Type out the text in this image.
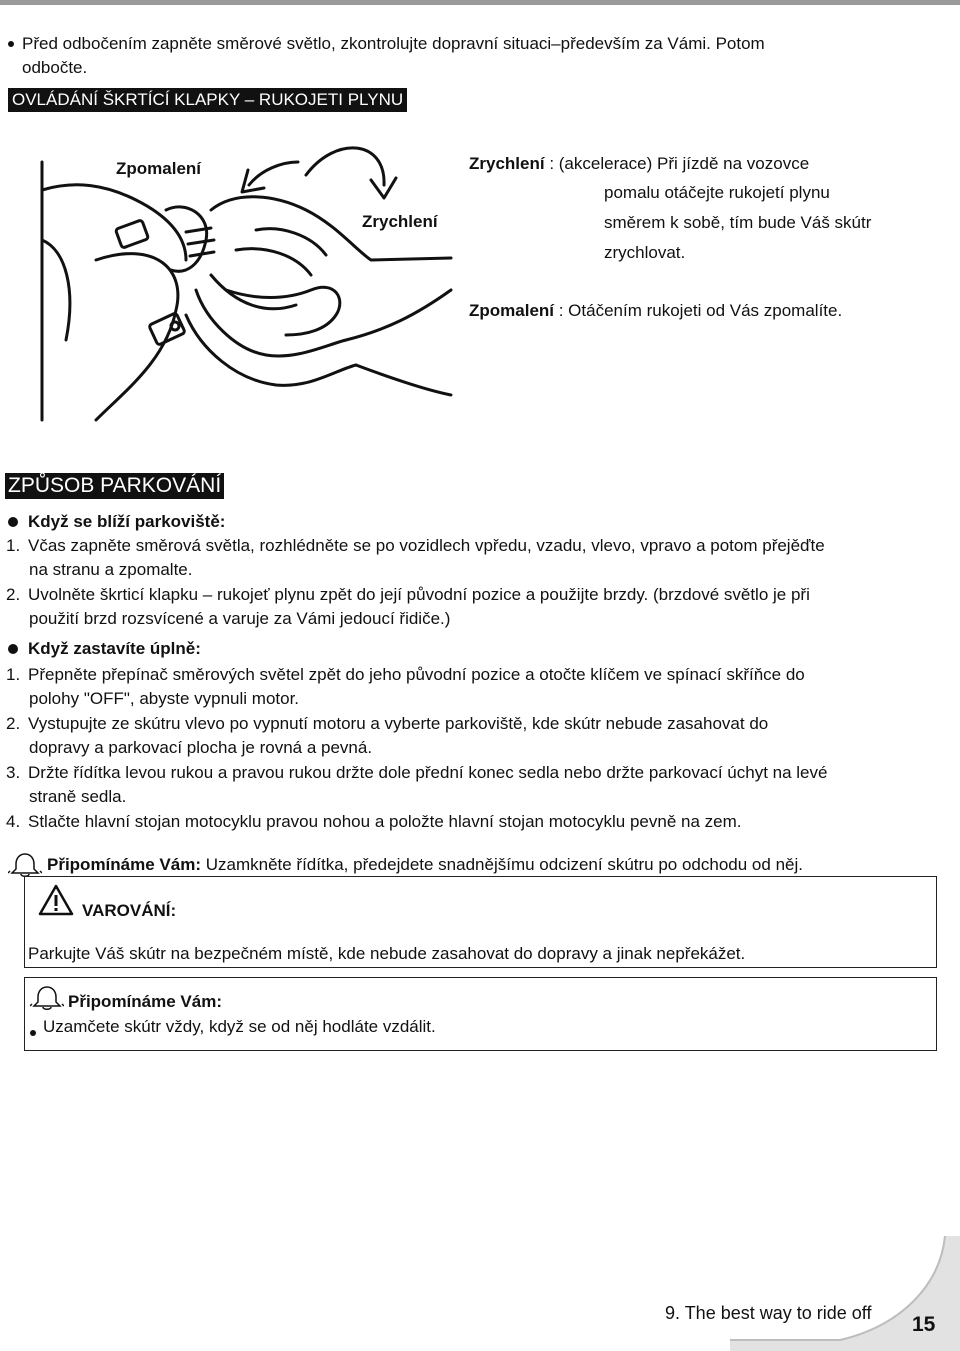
Před odbočením zapněte směrové světlo, zkontrolujte dopravní situaci–především za Vámi. Potom
odbočte.
OVLÁDÁNÍ ŠKRTÍCÍ KLAPKY – RUKOJETI PLYNU
Zpomalení
Zrychlení
Zrychlení : (akcelerace) Při jízdě na vozovce
pomalu otáčejte rukojetí plynu
směrem k sobě, tím bude Váš skútr
zrychlovat.
Zpomalení : Otáčením rukojeti od Vás zpomalíte.
ZPŮSOB PARKOVÁNÍ
Když se blíží parkoviště:
1. Včas zapněte směrová světla, rozhlédněte se po vozidlech vpředu, vzadu, vlevo, vpravo a potom přejěďte
na stranu a zpomalte.
2. Uvolněte škrticí klapku – rukojeť plynu zpět do její původní pozice a použijte brzdy. (brzdové světlo je při
použití brzd rozsvícené a varuje za Vámi jedoucí řidiče.)
Když zastavíte úplně:
1. Přepněte přepínač směrových světel zpět do jeho původní pozice a otočte klíčem ve spínací skříňce do
polohy "OFF", abyste vypnuli motor.
2. Vystupujte ze skútru vlevo po vypnutí motoru a vyberte parkoviště, kde skútr nebude zasahovat do
dopravy a parkovací plocha je rovná a pevná.
3. Držte řídítka levou rukou a pravou rukou držte dole přední konec sedla nebo držte parkovací úchyt na levé
straně sedla.
4. Stlačte hlavní stojan motocyklu pravou nohou a položte hlavní stojan motocyklu pevně na zem.
Připomínáme Vám: Uzamkněte řídítka, předejdete snadnějšímu odcizení skútru po odchodu od něj.
VAROVÁNÍ:
Parkujte Váš skútr na bezpečném místě, kde nebude zasahovat do dopravy a jinak nepřekážet.
Připomínáme Vám:
Uzamčete skútr vždy, když se od něj hodláte vzdálit.
9. The best way to ride off 15
